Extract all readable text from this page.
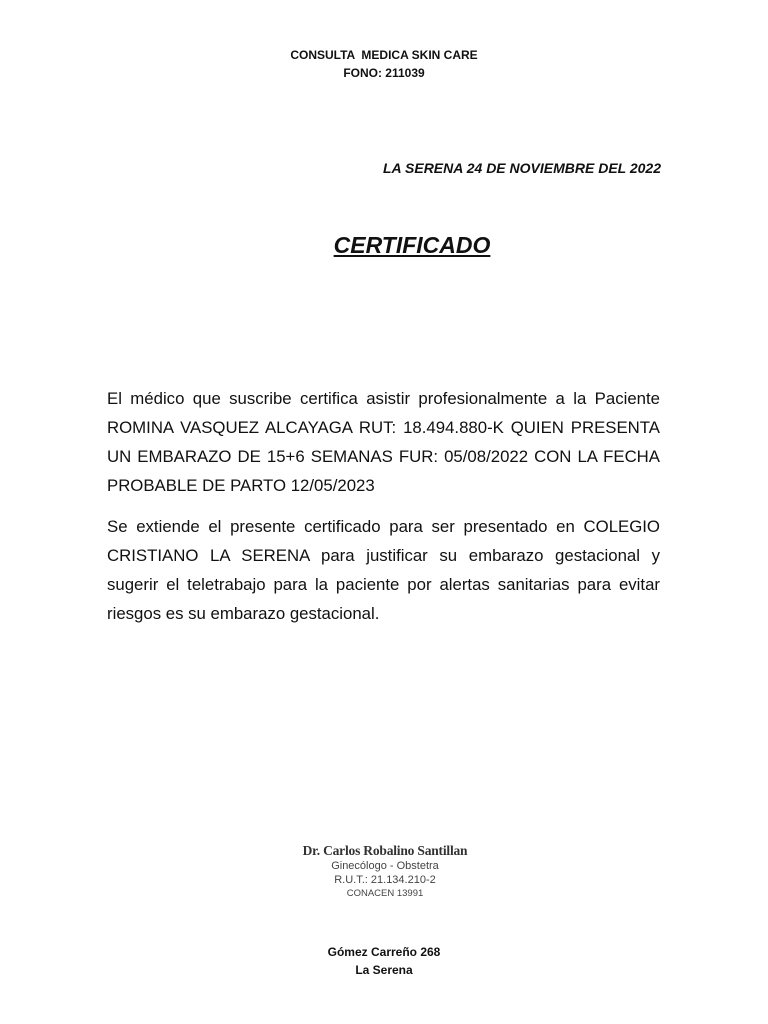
CONSULTA  MEDICA SKIN CARE
FONO: 211039
LA SERENA 24 DE NOVIEMBRE DEL 2022
CERTIFICADO

El médico que suscribe certifica asistir profesionalmente a la Paciente ROMINA VASQUEZ ALCAYAGA RUT: 18.494.880-K QUIEN PRESENTA UN EMBARAZO DE 15+6 SEMANAS FUR: 05/08/2022 CON LA FECHA PROBABLE DE PARTO 12/05/2023

Se extiende el presente certificado para ser presentado en COLEGIO CRISTIANO LA SERENA para justificar su embarazo gestacional y sugerir el teletrabajo para la paciente por alertas sanitarias para evitar riesgos es su embarazo gestacional.

Dr. Carlos Robalino Santillan
Ginecólogo - Obstetra
R.U.T.: 21.134.210-2
CONACEN 13991
Gómez Carreño 268
La Serena
